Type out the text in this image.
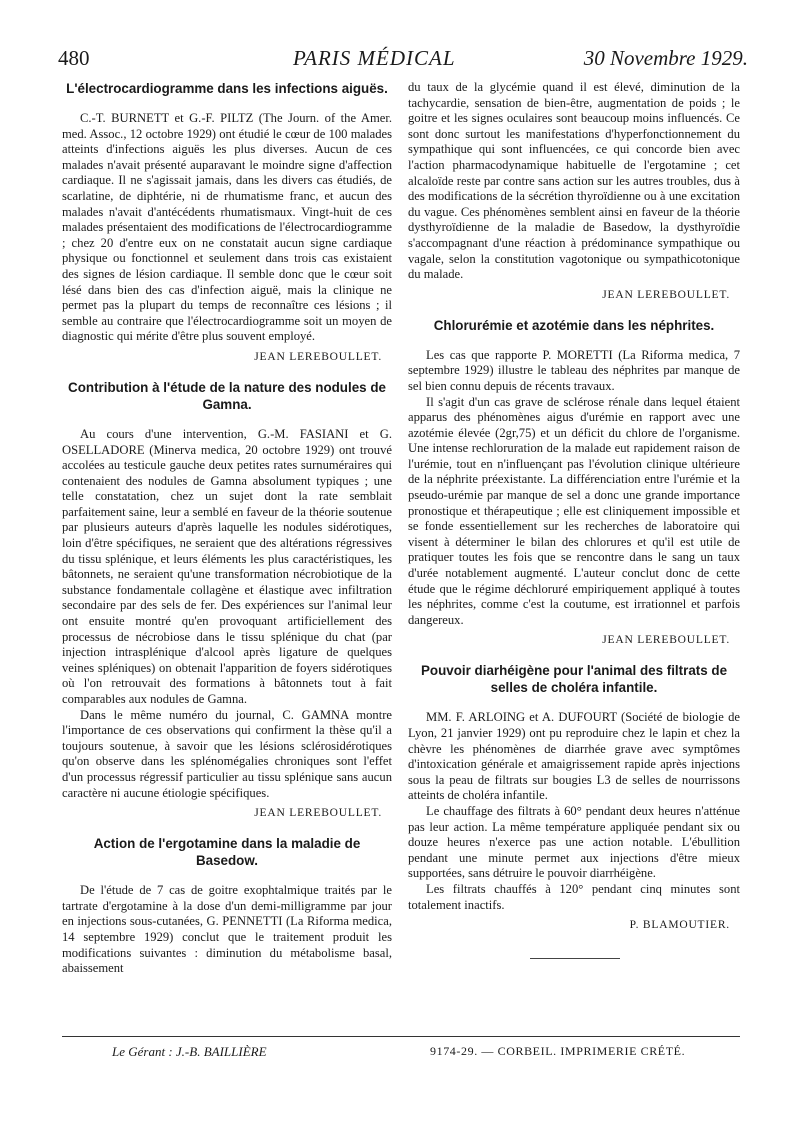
480	PARIS MÉDICAL	30 Novembre 1929.
L'électrocardiogramme dans les infections aiguës.

C.-T. BURNETT et G.-F. PILTZ (The Journ. of the Amer. med. Assoc., 12 octobre 1929) ont étudié le cœur de 100 malades atteints d'infections aiguës les plus diverses. Aucun de ces malades n'avait présenté auparavant le moindre signe d'affection cardiaque. Il ne s'agissait jamais, dans les divers cas étudiés, de scarlatine, de diphtérie, ni de rhumatisme franc, et aucun des malades n'avait d'antécédents rhumatismaux. Vingt-huit de ces malades présentaient des modifications de l'électrocardiogramme ; chez 20 d'entre eux on ne constatait aucun signe cardiaque physique ou fonctionnel et seulement dans trois cas existaient des signes de lésion cardiaque. Il semble donc que le cœur soit lésé dans bien des cas d'infection aiguë, mais la clinique ne permet pas la plupart du temps de reconnaître ces lésions ; il semble au contraire que l'électrocardiogramme soit un moyen de diagnostic qui mérite d'être plus souvent employé.

JEAN LEREBOULLET.
Contribution à l'étude de la nature des nodules de Gamna.

Au cours d'une intervention, G.-M. FASIANI et G. OSELLADORE (Minerva medica, 20 octobre 1929) ont trouvé accolées au testicule gauche deux petites rates surnuméraires qui contenaient des nodules de Gamna absolument typiques ; une telle constatation, chez un sujet dont la rate semblait parfaitement saine, leur a semblé en faveur de la théorie soutenue par plusieurs auteurs d'après laquelle les nodules sidérotiques, loin d'être spécifiques, ne seraient que des altérations régressives du tissu splénique, et leurs éléments les plus caractéristiques, les bâtonnets, ne seraient qu'une transformation nécrobiotique de la substance fondamentale collagène et élastique avec infiltration secondaire par des sels de fer. Des expériences sur l'animal leur ont ensuite montré qu'en provoquant artificiellement des processus de nécrobiose dans le tissu splénique du chat (par injection intrasplénique d'alcool après ligature de quelques veines spléniques) on obtenait l'apparition de foyers sidérotiques où l'on retrouvait des formations à bâtonnets tout à fait comparables aux nodules de Gamna.

Dans le même numéro du journal, C. GAMNA montre l'importance de ces observations qui confirment la thèse qu'il a toujours soutenue, à savoir que les lésions sclérosidérotiques qu'on observe dans les splénomégalies chroniques sont l'effet d'un processus régressif particulier au tissu splénique sans aucun caractère ni aucune étiologie spécifiques.

JEAN LEREBOULLET.
Action de l'ergotamine dans la maladie de Basedow.

De l'étude de 7 cas de goitre exophtalmique traités par le tartrate d'ergotamine à la dose d'un demi-milligramme par jour en injections sous-cutanées, G. PENNETTI (La Riforma medica, 14 septembre 1929) conclut que le traitement produit les modifications suivantes : diminution du métabolisme basal, abaissement

du taux de la glycémie quand il est élevé, diminution de la tachycardie, sensation de bien-être, augmentation de poids ; le goitre et les signes oculaires sont beaucoup moins influencés. Ce sont donc surtout les manifestations d'hyperfonctionnement du sympathique qui sont influencées, ce qui concorde bien avec l'action pharmacodynamique habituelle de l'ergotamine ; cet alcaloïde reste par contre sans action sur les autres troubles, dus à des modifications de la sécrétion thyroïdienne ou à une excitation du vague. Ces phénomènes semblent ainsi en faveur de la théorie dysthyroïdienne de la maladie de Basedow, la dysthyroïdie s'accompagnant d'une réaction à prédominance sympathique ou vagale, selon la constitution vagotonique ou sympathicotonique du malade.

JEAN LEREBOULLET.
Chlorurémie et azotémie dans les néphrites.

Les cas que rapporte P. MORETTI (La Riforma medica, 7 septembre 1929) illustre le tableau des néphrites par manque de sel bien connu depuis de récents travaux.

Il s'agit d'un cas grave de sclérose rénale dans lequel étaient apparus des phénomènes aigus d'urémie en rapport avec une azotémie élevée (2gr,75) et un déficit du chlore de l'organisme. Une intense rechloruration de la malade eut rapidement raison de l'urémie, tout en n'influençant pas l'évolution clinique ultérieure de la néphrite préexistante. La différenciation entre l'urémie et la pseudo-urémie par manque de sel a donc une grande importance pronostique et thérapeutique ; elle est cliniquement impossible et se fonde essentiellement sur les recherches de laboratoire qui visent à déterminer le bilan des chlorures et qu'il est utile de pratiquer toutes les fois que se rencontre dans le sang un taux d'urée notablement augmenté. L'auteur conclut donc de cette étude que le régime déchloruré empiriquement appliqué à toutes les néphrites, comme c'est la coutume, est irrationnel et parfois dangereux.

JEAN LEREBOULLET.
Pouvoir diarhéigène pour l'animal des filtrats de selles de choléra infantile.

MM. F. ARLOING et A. DUFOURT (Société de biologie de Lyon, 21 janvier 1929) ont pu reproduire chez le lapin et chez la chèvre les phénomènes de diarrhée grave avec symptômes d'intoxication générale et amaigrissement rapide après injections sous la peau de filtrats sur bougies L3 de selles de nourrissons atteints de choléra infantile.

Le chauffage des filtrats à 60° pendant deux heures n'atténue pas leur action. La même température appliquée pendant six ou douze heures n'exerce pas une action notable. L'ébullition pendant une minute permet aux injections d'être mieux supportées, sans détruire le pouvoir diarrhéigène.

Les filtrats chauffés à 120° pendant cinq minutes sont totalement inactifs.

P. BLAMOUTIER.
Le Gérant : J.-B. BAILLIÈRE	9174-29. — CORBEIL. IMPRIMERIE CRÉTÉ.
